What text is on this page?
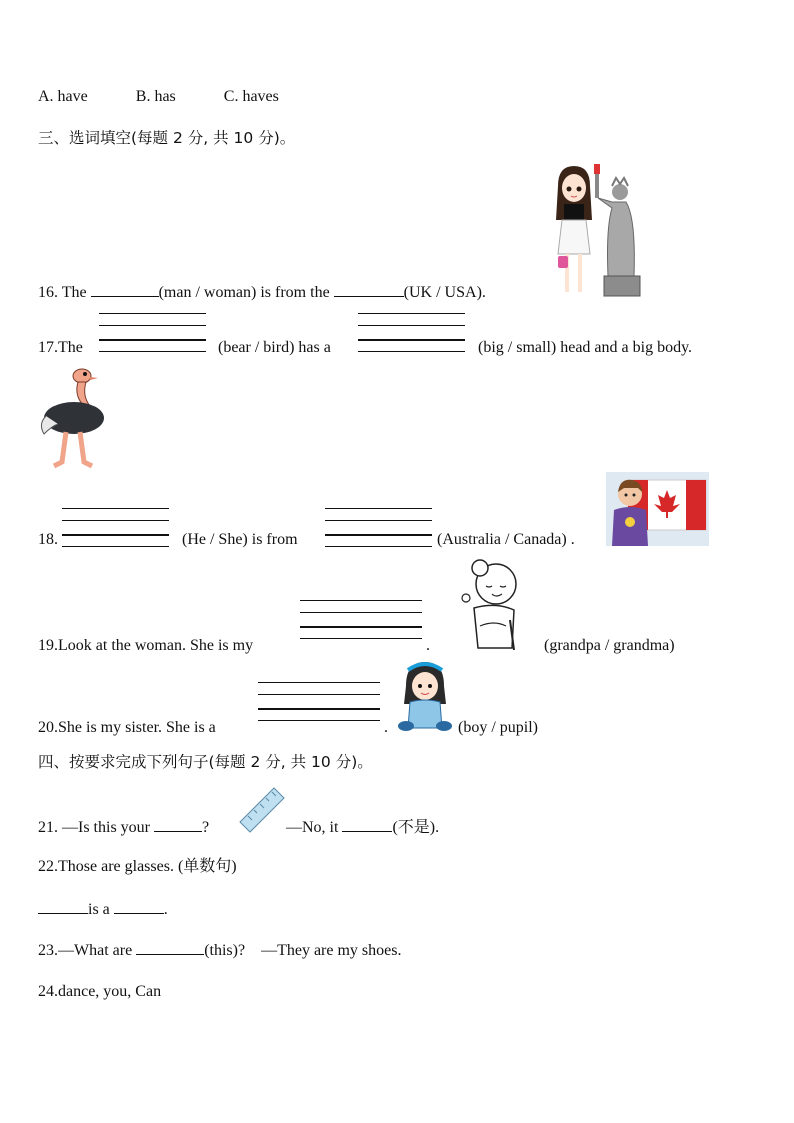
A. have	B. has	C. haves
三、选词填空(每题 2 分, 共 10 分)。
16. The	(man / woman) is from the	(UK / USA).
17.The	(bear / bird) has a	(big / small) head and a big body.
18.	(He / She) is from	(Australia / Canada) .
19.Look at the woman. She is my	.	(grandpa / grandma)
20.She is my sister. She is a	.	(boy / pupil)
四、按要求完成下列句子(每题 2 分, 共 10 分)。
21. —Is this your	?	—No, it	(不是).
22.Those are glasses. (单数句)
is a	.
23.—What are	(this)? —They are my shoes.
24.dance, you, Can
